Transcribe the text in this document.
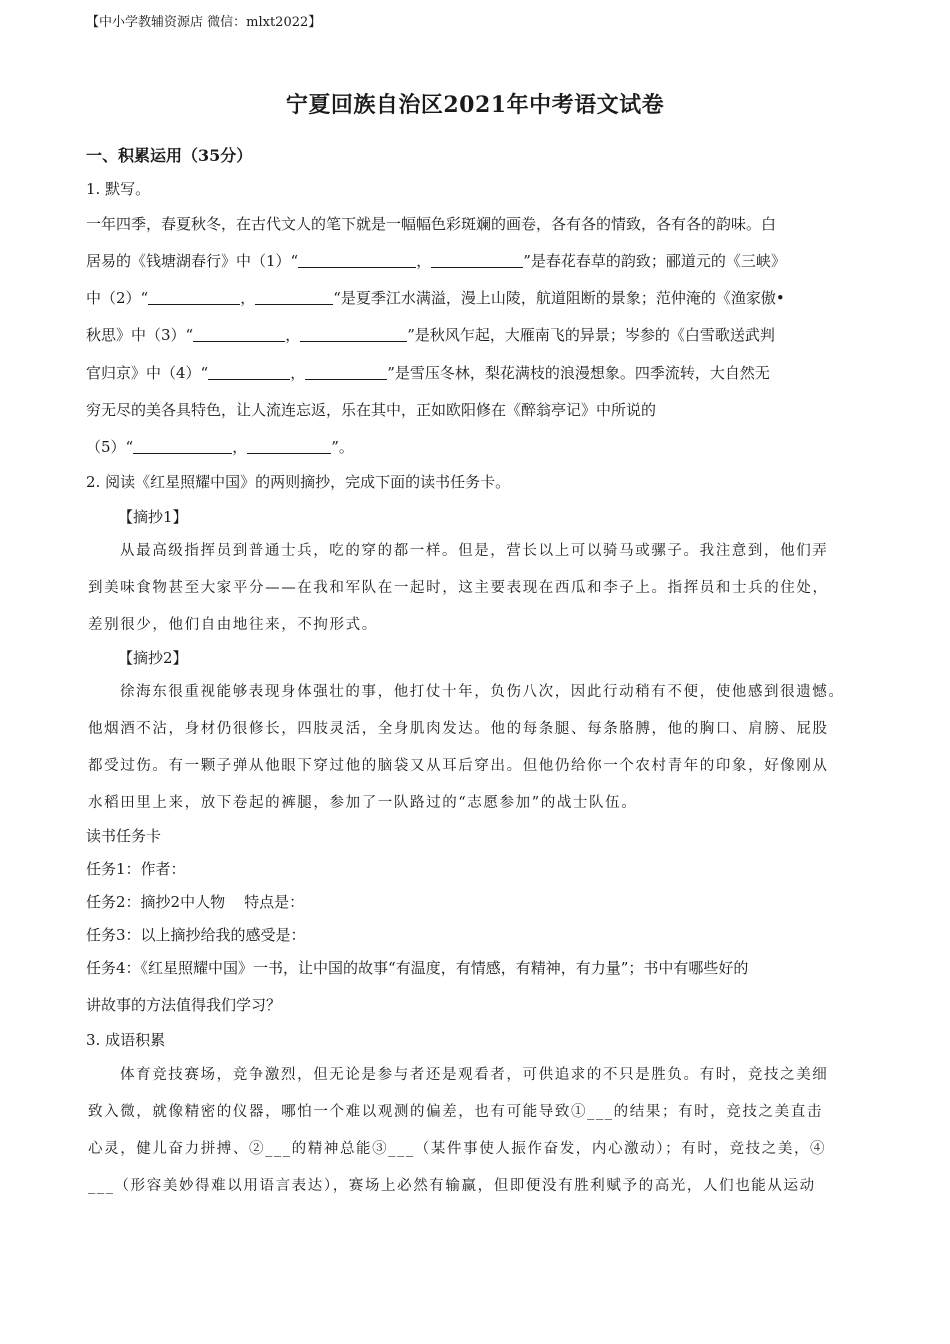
【中小学教辅资源店 微信：mlxt2022】
宁夏回族自治区2021年中考语文试卷
一、积累运用（35分）
1. 默写。
一年四季，春夏秋冬，在古代文人的笔下就是一幅幅色彩斑斓的画卷，各有各的情致，各有各的韵味。白
居易的《钱塘湖春行》中（1）“	，	”是春花春草的韵致；郦道元的《三峡》
中（2）“	，	“是夏季江水满溢，漫上山陵，航道阻断的景象；范仲淹的《渔家傲•
秋思》中（3）“	，	”是秋风乍起，大雁南飞的异景；岑参的《白雪歌送武判
官归京》中（4）“	，	”是雪压冬林，梨花满枝的浪漫想象。四季流转，大自然无
穷无尽的美各具特色，让人流连忘返，乐在其中，正如欧阳修在《醉翁亭记》中所说的
（5）“	，	”。
2. 阅读《红星照耀中国》的两则摘抄，完成下面的读书任务卡。
【摘抄1】
从最高级指挥员到普通士兵，吃的穿的都一样。但是，营长以上可以骑马或骡子。我注意到，他们弄
到美味食物甚至大家平分——在我和军队在一起时，这主要表现在西瓜和李子上。指挥员和士兵的住处，
差别很少，他们自由地往来，不拘形式。
【摘抄2】
徐海东很重视能够表现身体强壮的事，他打仗十年，负伤八次，因此行动稍有不便，使他感到很遗憾。
他烟酒不沾，身材仍很修长，四肢灵活，全身肌肉发达。他的每条腿、每条胳膊，他的胸口、肩膀、屁股
都受过伤。有一颗子弹从他眼下穿过他的脑袋又从耳后穿出。但他仍给你一个农村青年的印象，好像刚从
水稻田里上来，放下卷起的裤腿，参加了一队路过的“志愿参加”的战士队伍。
读书任务卡
任务1：作者：
任务2：摘抄2中人物    特点是：
任务3：以上摘抄给我的感受是：
任务4：《红星照耀中国》一书，让中国的故事“有温度，有情感，有精神，有力量”；书中有哪些好的
讲故事的方法值得我们学习？
3. 成语积累
体育竞技赛场，竞争激烈，但无论是参与者还是观看者，可供追求的不只是胜负。有时，竞技之美细
致入微，就像精密的仪器，哪怕一个难以观测的偏差，也有可能导致①___的结果；有时，竞技之美直击
心灵，健儿奋力拼搏、②___的精神总能③___（某件事使人振作奋发，内心激动）；有时，竞技之美，④
___（形容美妙得难以用语言表达），赛场上必然有输赢，但即便没有胜利赋予的高光，人们也能从运动
